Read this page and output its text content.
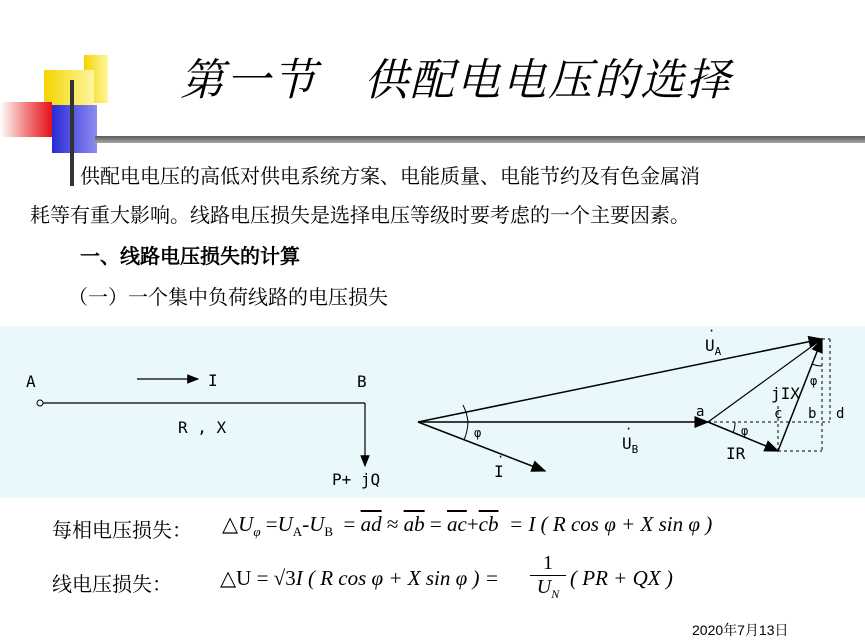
第一节　供配电电压的选择
供配电电压的高低对供电系统方案、电能质量、电能节约及有色金属消
耗等有重大影响。线路电压损失是选择电压等级时要考虑的一个主要因素。
一、线路电压损失的计算
（一）一个集中负荷线路的电压损失
A	B
I
R , X
P+ jQ
·
$U_A$
·
$U_B$
·
I
jIX
IR
φ	φ
φ
a	b
c	d
每相电压损失： $\triangle U_\varphi =U_A-U_B = \overline{ad} \approx \overline{ab} = \overline{ac}+\overline{cb} = I$ ( R cos φ + X sin φ )
线电压损失： △U = √3I ( R cos φ + X sin φ ) =
1
$U_N$
( PR + QX )
2020年7月13日
